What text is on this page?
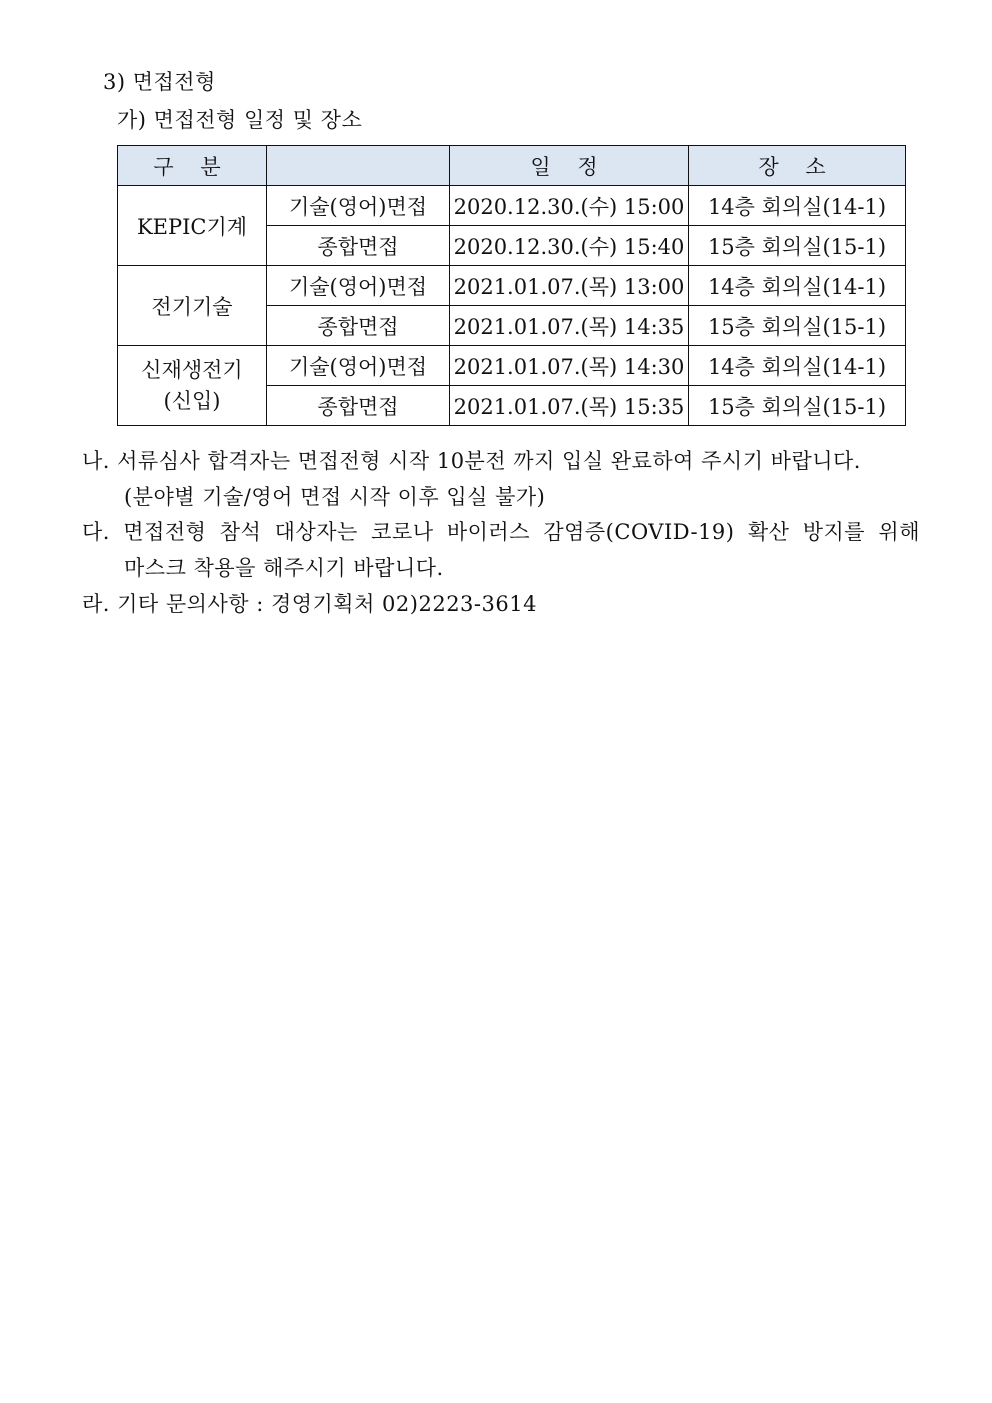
3) 면접전형
가) 면접전형 일정 및 장소
구 분		일 정	장 소
KEPIC기계	기술(영어)면접	2020.12.30.(수) 15:00	14층 회의실(14-1)
	종합면접	2020.12.30.(수) 15:40	15층 회의실(15-1)
전기기술	기술(영어)면접	2021.01.07.(목) 13:00	14층 회의실(14-1)
	종합면접	2021.01.07.(목) 14:35	15층 회의실(15-1)

신재생전기
(신입)	기술(영어)면접	2021.01.07.(목) 14:30	14층 회의실(14-1)
	종합면접	2021.01.07.(목) 15:35	15층 회의실(15-1)
나. 서류심사 합격자는 면접전형 시작 10분전 까지 입실 완료하여 주시기 바랍니다.
(분야별 기술/영어 면접 시작 이후 입실 불가)
다. 면접전형 참석 대상자는 코로나 바이러스 감염증(COVID-19) 확산 방지를 위해
마스크 착용을 해주시기 바랍니다.
라. 기타 문의사항 : 경영기획처 02)2223-3614
